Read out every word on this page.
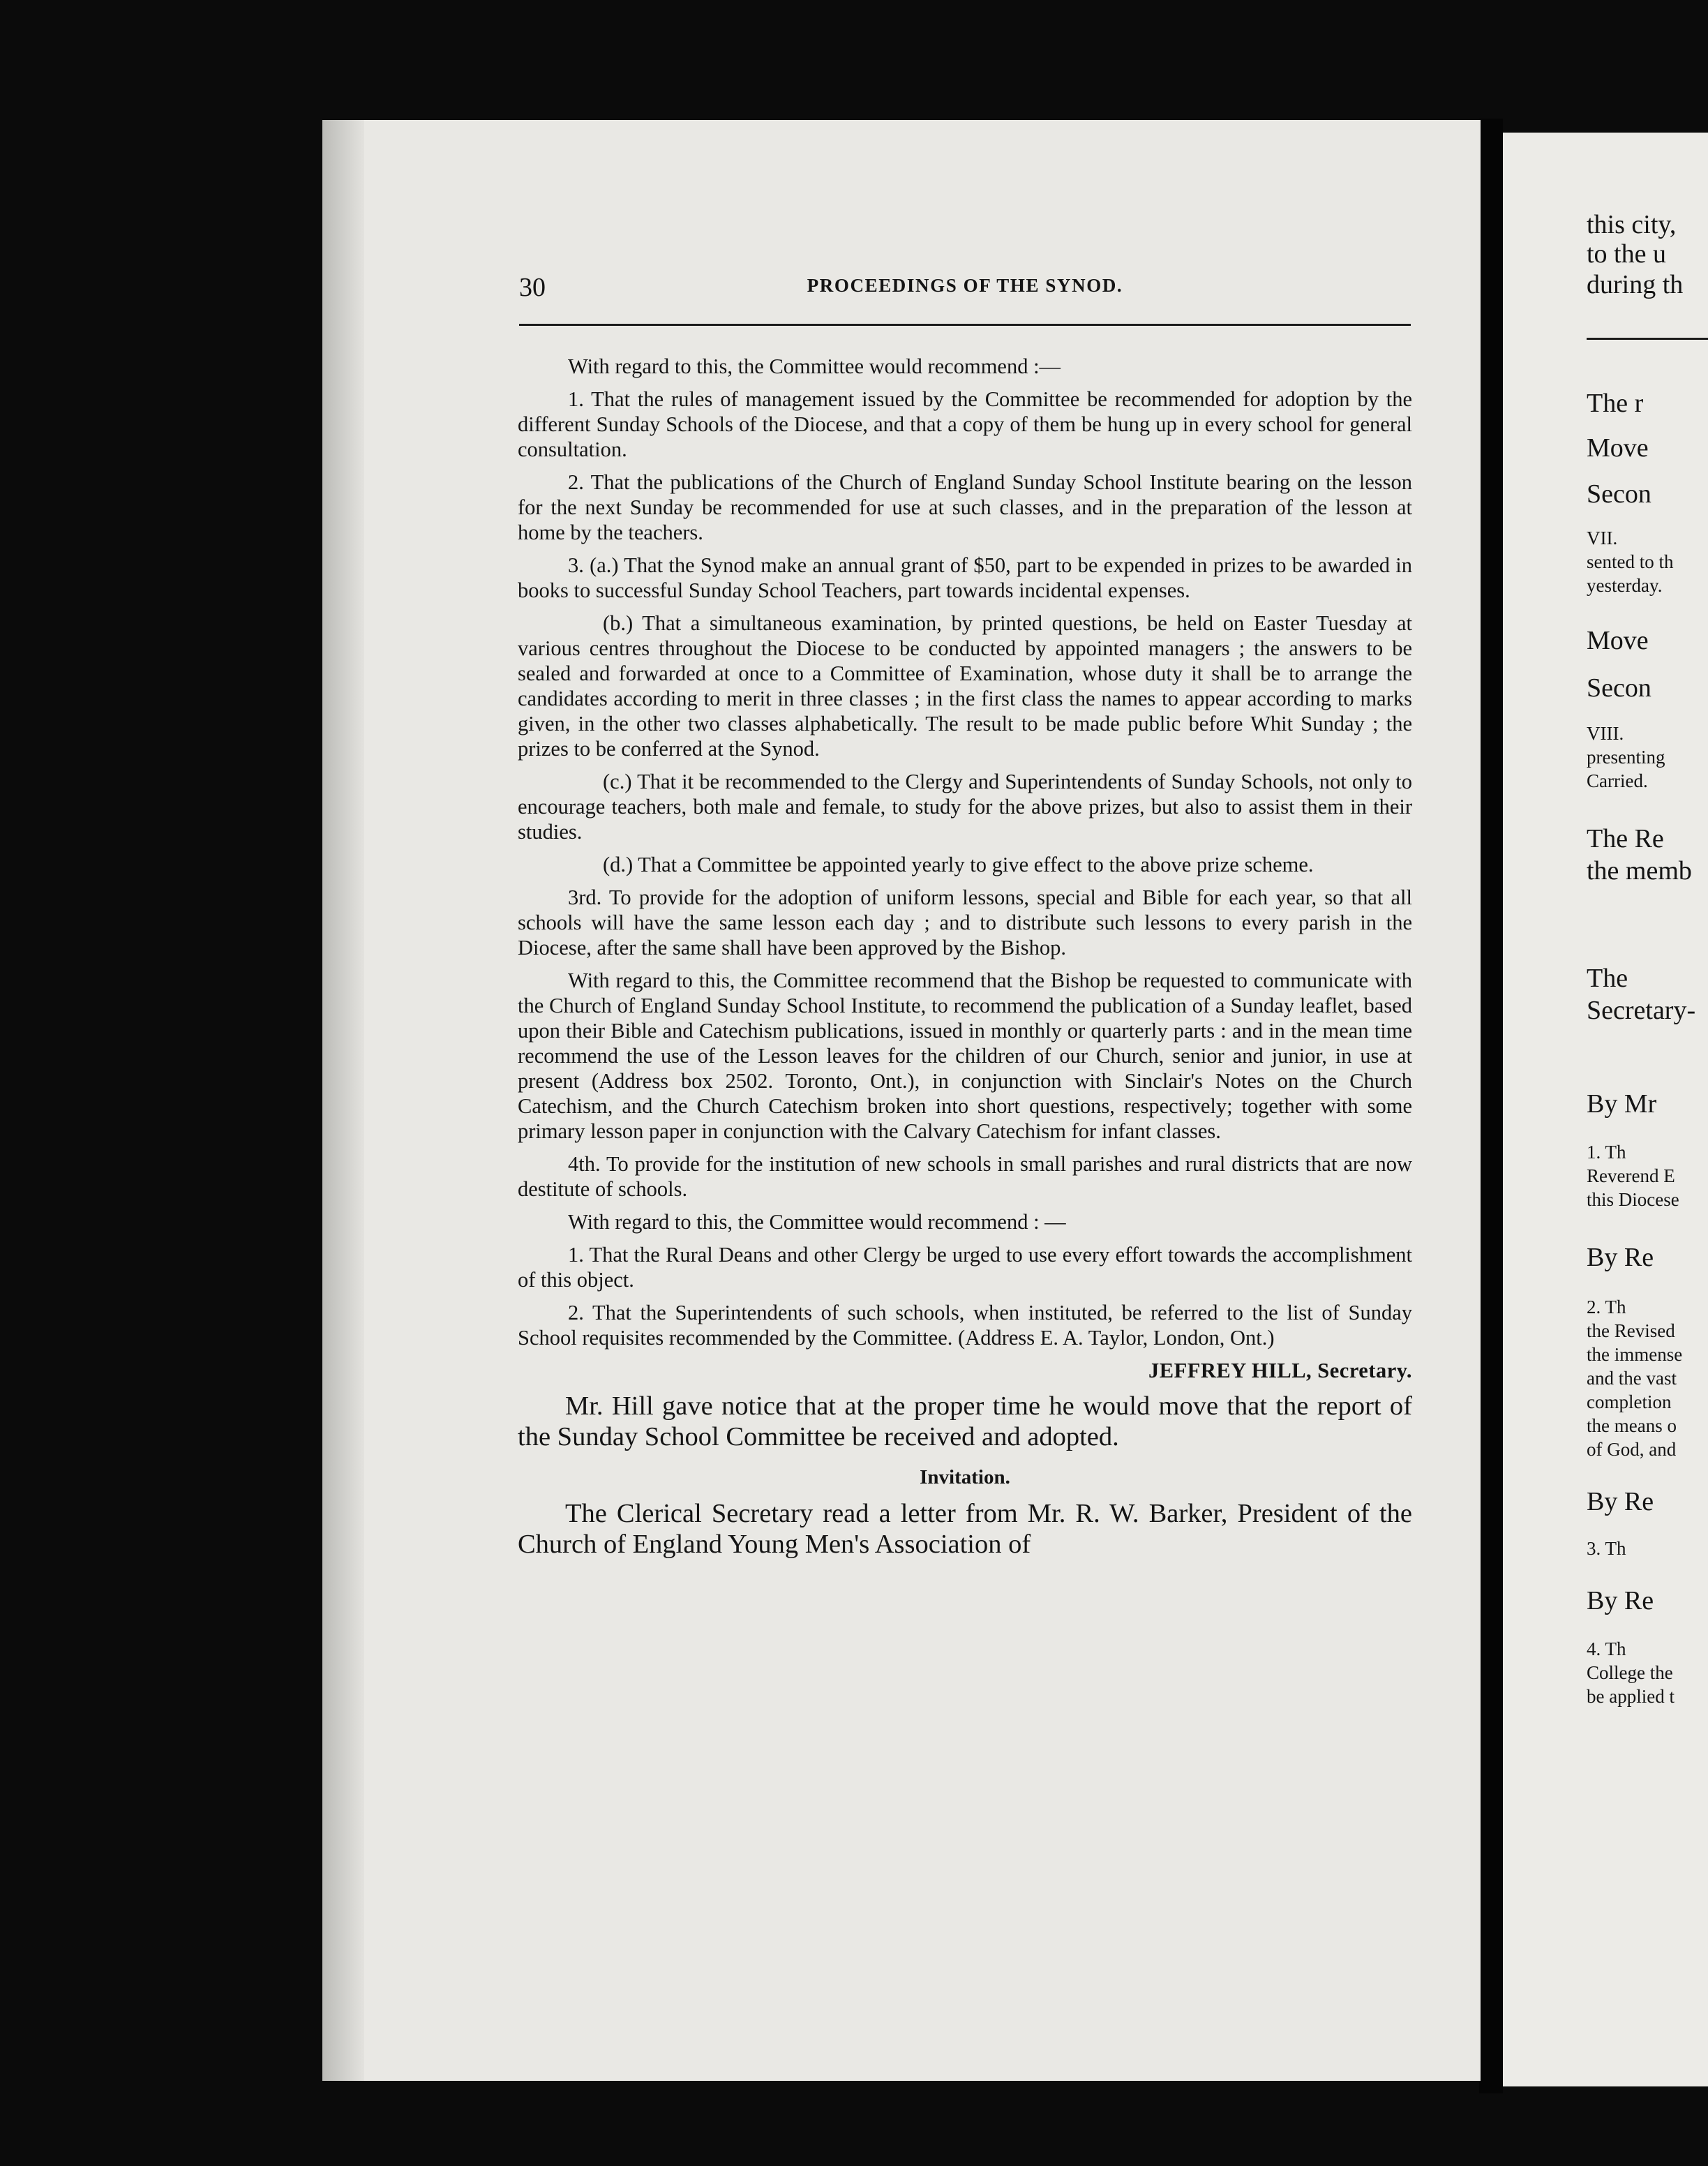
30	PROCEEDINGS OF THE SYNOD.

With regard to this, the Committee would recommend :—

1. That the rules of management issued by the Committee be recommended for adoption by the different Sunday Schools of the Diocese, and that a copy of them be hung up in every school for general consultation.

2. That the publications of the Church of England Sunday School Institute bearing on the lesson for the next Sunday be recommended for use at such classes, and in the preparation of the lesson at home by the teachers.

3. (a.) That the Synod make an annual grant of $50, part to be expended in prizes to be awarded in books to successful Sunday School Teachers, part towards incidental expenses.

(b.) That a simultaneous examination, by printed questions, be held on Easter Tuesday at various centres throughout the Diocese to be conducted by appointed managers ; the answers to be sealed and forwarded at once to a Committee of Examination, whose duty it shall be to arrange the candidates according to merit in three classes ; in the first class the names to appear according to marks given, in the other two classes alphabetically. The result to be made public before Whit Sunday ; the prizes to be conferred at the Synod.

(c.) That it be recommended to the Clergy and Superintendents of Sunday Schools, not only to encourage teachers, both male and female, to study for the above prizes, but also to assist them in their studies.

(d.) That a Committee be appointed yearly to give effect to the above prize scheme.

3rd. To provide for the adoption of uniform lessons, special and Bible for each year, so that all schools will have the same lesson each day ; and to distribute such lessons to every parish in the Diocese, after the same shall have been approved by the Bishop.

With regard to this, the Committee recommend that the Bishop be requested to communicate with the Church of England Sunday School Institute, to recommend the publication of a Sunday leaflet, based upon their Bible and Catechism publications, issued in monthly or quarterly parts : and in the mean time recommend the use of the Lesson leaves for the children of our Church, senior and junior, in use at present (Address box 2502. Toronto, Ont.), in conjunction with Sinclair's Notes on the Church Catechism, and the Church Catechism broken into short questions, respectively; together with some primary lesson paper in conjunction with the Calvary Catechism for infant classes.

4th. To provide for the institution of new schools in small parishes and rural districts that are now destitute of schools.

With regard to this, the Committee would recommend : —

1. That the Rural Deans and other Clergy be urged to use every effort towards the accomplishment of this object.

2. That the Superintendents of such schools, when instituted, be referred to the list of Sunday School requisites recommended by the Committee. (Address E. A. Taylor, London, Ont.)

JEFFREY HILL, Secretary.

Mr. Hill gave notice that at the proper time he would move that the report of the Sunday School Committee be received and adopted.

Invitation.

The Clerical Secretary read a letter from Mr. R. W. Barker, President of the Church of England Young Men's Association of

this city,
to the u
during th
The r
Move
Secon
VII.
sented to th
yesterday.
Move
Secon
VIII.
presenting
Carried.
The Re
the memb
The
Secretary-
By Mr
1. Th
Reverend E
this Diocese
By Re
2. Th
the Revised
the immense
and the vast
completion
the means o
of God, and
By Re
3. Th
By Re
4. Th
College the
be applied t
